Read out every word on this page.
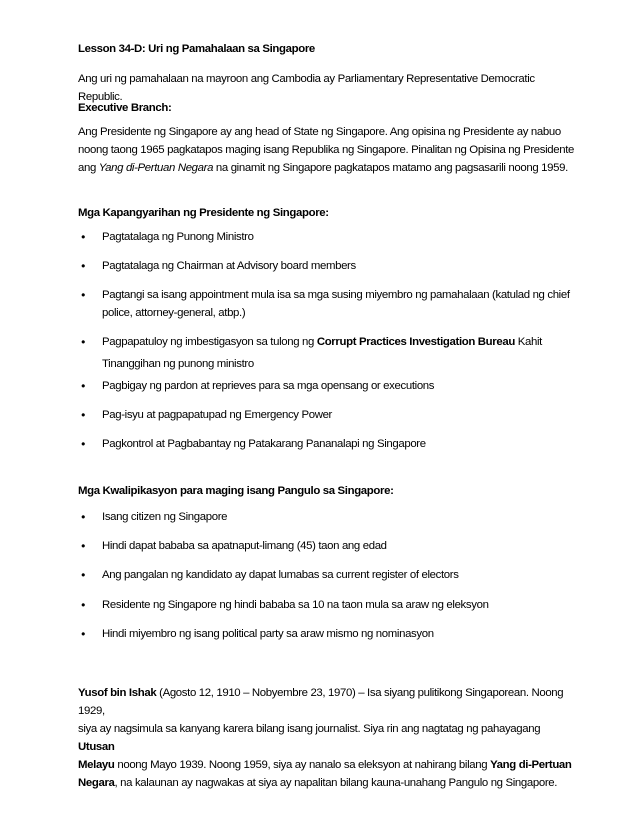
Lesson 34-D: Uri ng Pamahalaan sa Singapore
Ang uri ng pamahalaan na mayroon ang Cambodia ay Parliamentary Representative Democratic Republic.
Executive Branch:
Ang Presidente ng Singapore ay ang head of State ng Singapore. Ang opisina ng Presidente ay nabuo
noong taong 1965 pagkatapos maging isang Republika ng Singapore. Pinalitan ng Opisina ng Presidente
ang Yang di-Pertuan Negara na ginamit ng Singapore pagkatapos matamo ang pagsasarili noong 1959.
Mga Kapangyarihan ng Presidente ng Singapore:
• Pagtatalaga ng Punong Ministro
• Pagtatalaga ng Chairman at Advisory board members
• Pagtangi sa isang appointment mula isa sa mga susing miyembro ng pamahalaan (katulad ng chief
police, attorney-general, atbp.)
• Pagpapatuloy ng imbestigasyon sa tulong ng Corrupt Practices Investigation Bureau Kahit
Tinanggihan ng punong ministro
• Pagbigay ng pardon at reprieves para sa mga opensang or executions
• Pag-isyu at pagpapatupad ng Emergency Power
• Pagkontrol at Pagbabantay ng Patakarang Pananalapi ng Singapore
Mga Kwalipikasyon para maging isang Pangulo sa Singapore:
• Isang citizen ng Singapore
• Hindi dapat bababa sa apatnaput-limang (45) taon ang edad
• Ang pangalan ng kandidato ay dapat lumabas sa current register of electors
• Residente ng Singapore ng hindi bababa sa 10 na taon mula sa araw ng eleksyon
• Hindi miyembro ng isang political party sa araw mismo ng nominasyon
Yusof bin Ishak (Agosto 12, 1910 – Nobyembre 23, 1970) – Isa siyang pulitikong Singaporean. Noong 1929,
siya ay nagsimula sa kanyang karera bilang isang journalist. Siya rin ang nagtatag ng pahayagang Utusan
Melayu noong Mayo 1939. Noong 1959, siya ay nanalo sa eleksyon at nahirang bilang Yang di-Pertuan
Negara, na kalaunan ay nagwakas at siya ay napalitan bilang kauna-unahang Pangulo ng Singapore.
